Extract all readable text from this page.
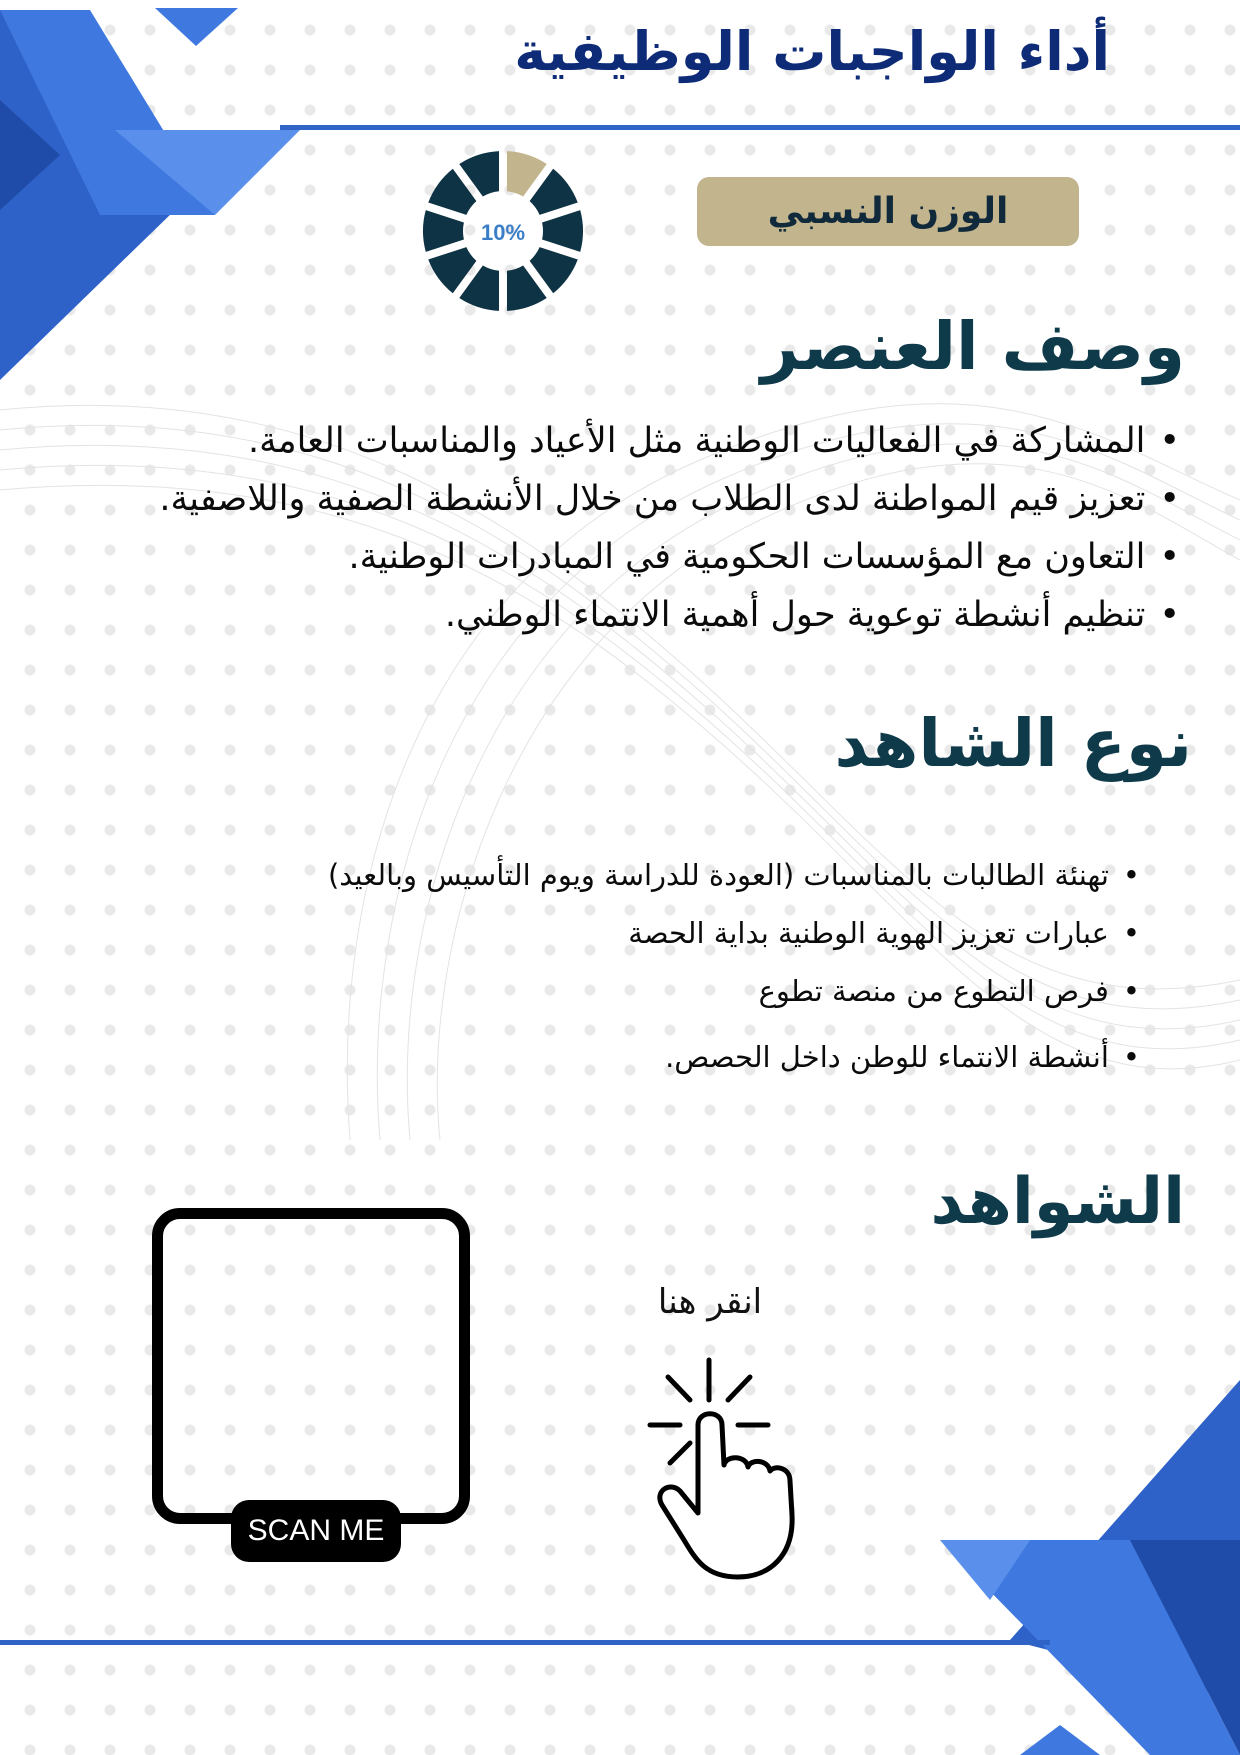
أداء الواجبات الوظيفية
10%
الوزن النسبي
وصف العنصر
•المشاركة في الفعاليات الوطنية مثل الأعياد والمناسبات العامة.
•تعزيز قيم المواطنة لدى الطلاب من خلال الأنشطة الصفية واللاصفية.
•التعاون مع المؤسسات الحكومية في المبادرات الوطنية.
•تنظيم أنشطة توعوية حول أهمية الانتماء الوطني.
نوع الشاهد
•تهنئة الطالبات بالمناسبات (العودة للدراسة ويوم التأسيس وبالعيد)
•عبارات تعزيز الهوية الوطنية بداية الحصة
•فرص التطوع من منصة تطوع
•أنشطة الانتماء للوطن داخل الحصص.
الشواهد
SCAN ME
انقر هنا
